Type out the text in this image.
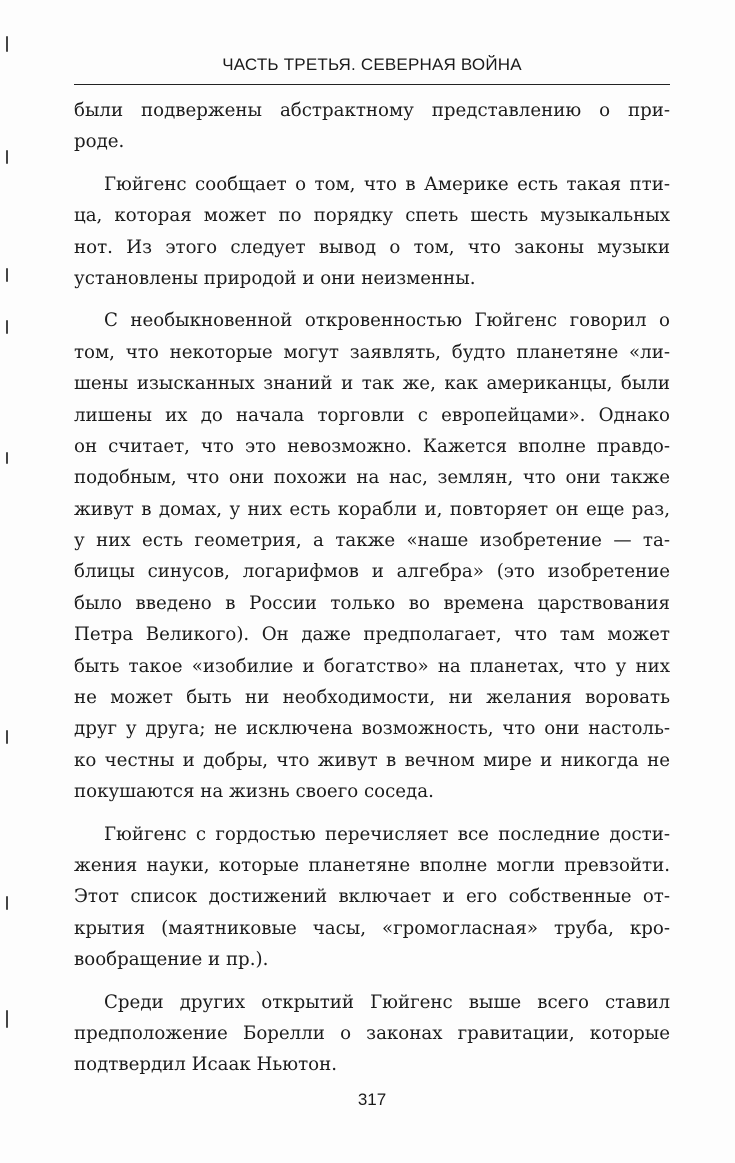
ЧАСТЬ ТРЕТЬЯ. СЕВЕРНАЯ ВОЙНА
были подвержены абстрактному представлению о при-
роде.
Гюйгенс сообщает о том, что в Америке есть такая пти-
ца, которая может по порядку спеть шесть музыкальных
нот. Из этого следует вывод о том, что законы музыки
установлены природой и они неизменны.
С необыкновенной откровенностью Гюйгенс говорил о
том, что некоторые могут заявлять, будто планетяне «ли-
шены изысканных знаний и так же, как американцы, были
лишены их до начала торговли с европейцами». Однако
он считает, что это невозможно. Кажется вполне правдо-
подобным, что они похожи на нас, землян, что они также
живут в домах, у них есть корабли и, повторяет он еще раз,
у них есть геометрия, а также «наше изобретение — та-
блицы синусов, логарифмов и алгебра» (это изобретение
было введено в России только во времена царствования
Петра Великого). Он даже предполагает, что там может
быть такое «изобилие и богатство» на планетах, что у них
не может быть ни необходимости, ни желания воровать
друг у друга; не исключена возможность, что они настоль-
ко честны и добры, что живут в вечном мире и никогда не
покушаются на жизнь своего соседа.
Гюйгенс с гордостью перечисляет все последние дости-
жения науки, которые планетяне вполне могли превзойти.
Этот список достижений включает и его собственные от-
крытия (маятниковые часы, «громогласная» труба, кро-
вообращение и пр.).
Среди других открытий Гюйгенс выше всего ставил
предположение Борелли о законах гравитации, которые
подтвердил Исаак Ньютон.
317
